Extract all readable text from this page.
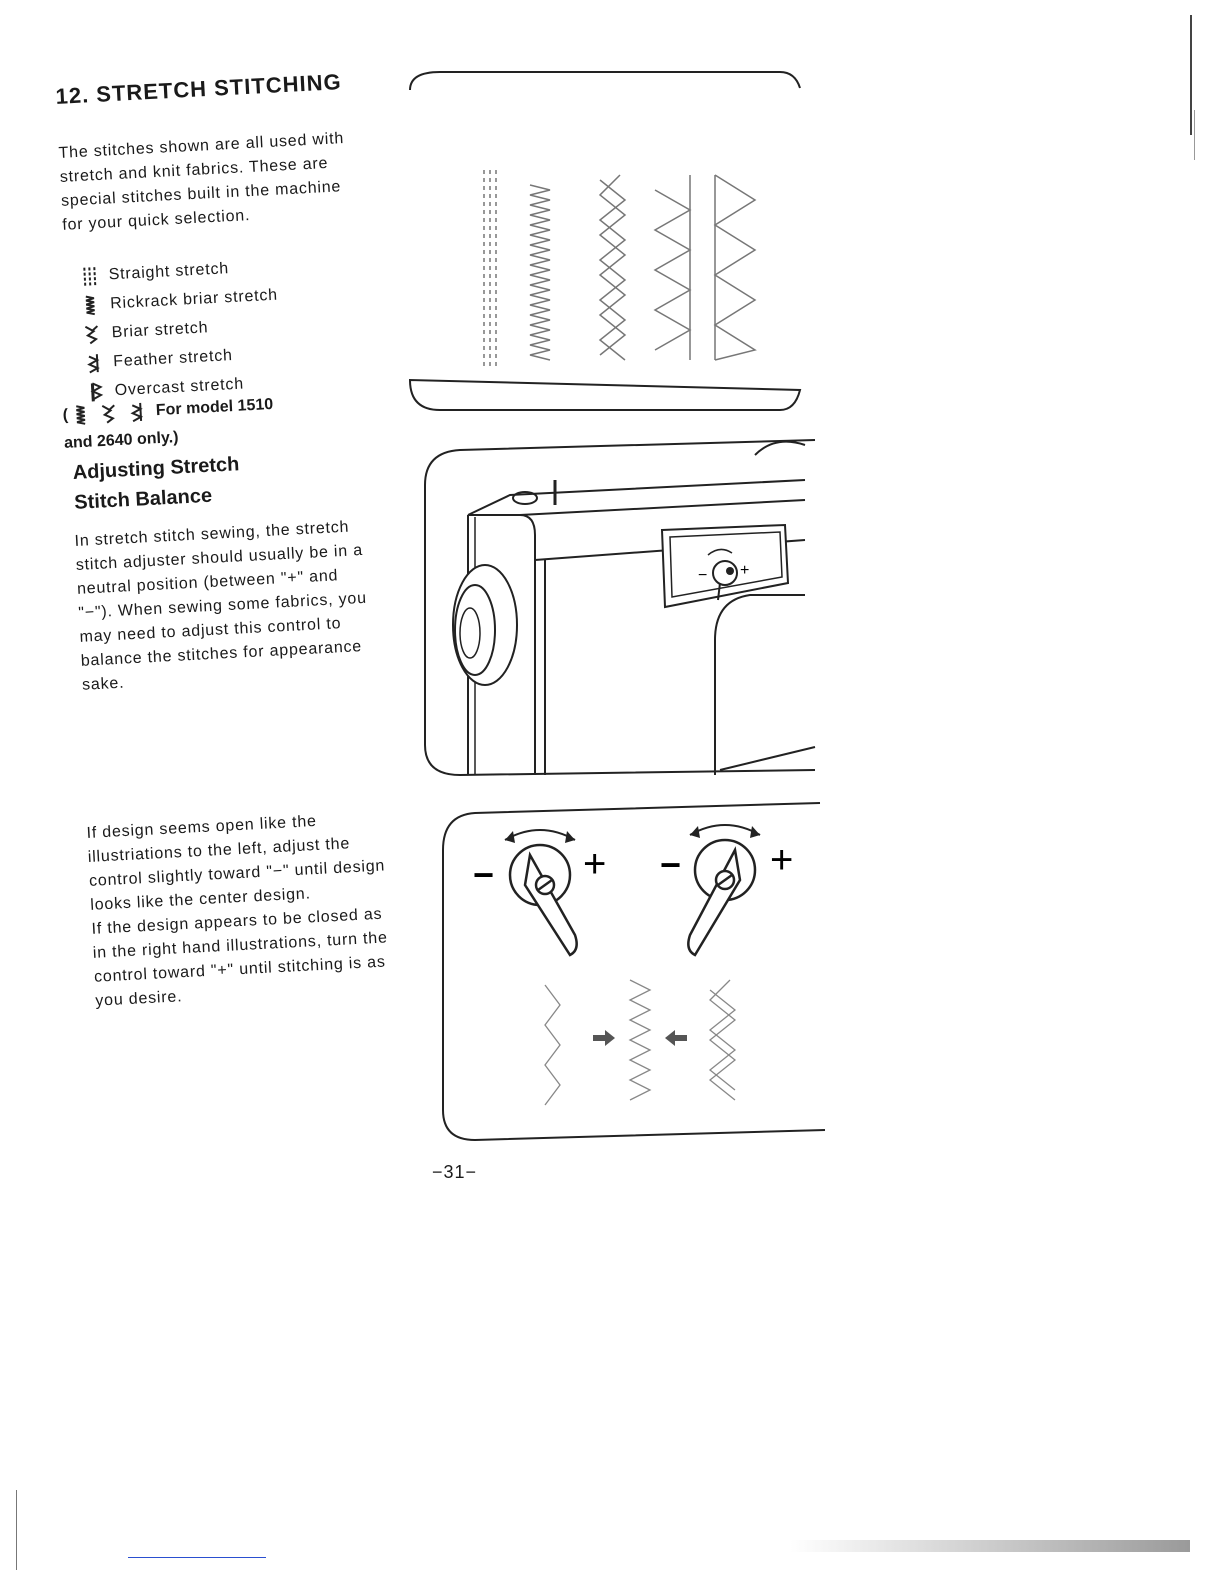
12. STRETCH STITCHING
The stitches shown are all used with stretch and knit fabrics. These are special stitches built in the machine for your quick selection.
Straight stretch
Rickrack briar stretch
Briar stretch
Feather stretch
Overcast stretch
(	For model 1510
and 2640 only.)
Adjusting Stretch
Stitch Balance
In stretch stitch sewing, the stretch stitch adjuster should usually be in a neutral position (between "+" and "−"). When sewing some fabrics, you may need to adjust this control to balance the stitches for appearance sake.
If design seems open like the illustriations to the left, adjust the control slightly toward "−" until design looks like the center design.
If the design appears to be closed as in the right hand illustrations, turn the control toward "+" until stitching is as you desire.
− +
− + − +
−31−
